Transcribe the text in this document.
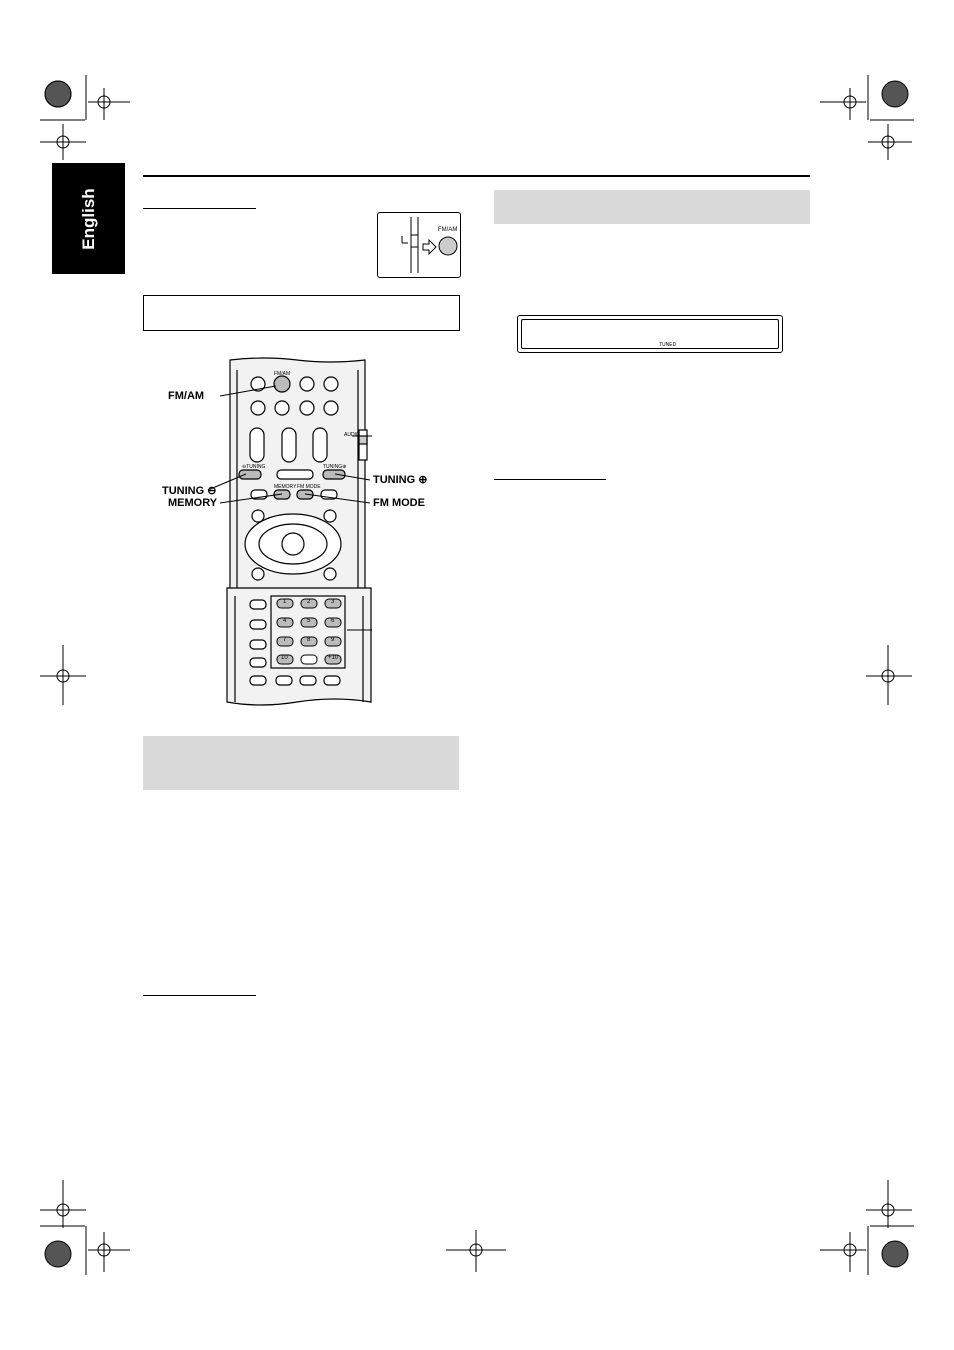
English	FM/AM
1	2	3
4	5	6
7	8	9
10	+10
FM/AM
AUDIO
⊖TUNING	TUNING⊕
MEMORY FM MODE
FM/AM
TUNING ⊖
MEMORY
TUNING ⊕
FM MODE
TUNED
